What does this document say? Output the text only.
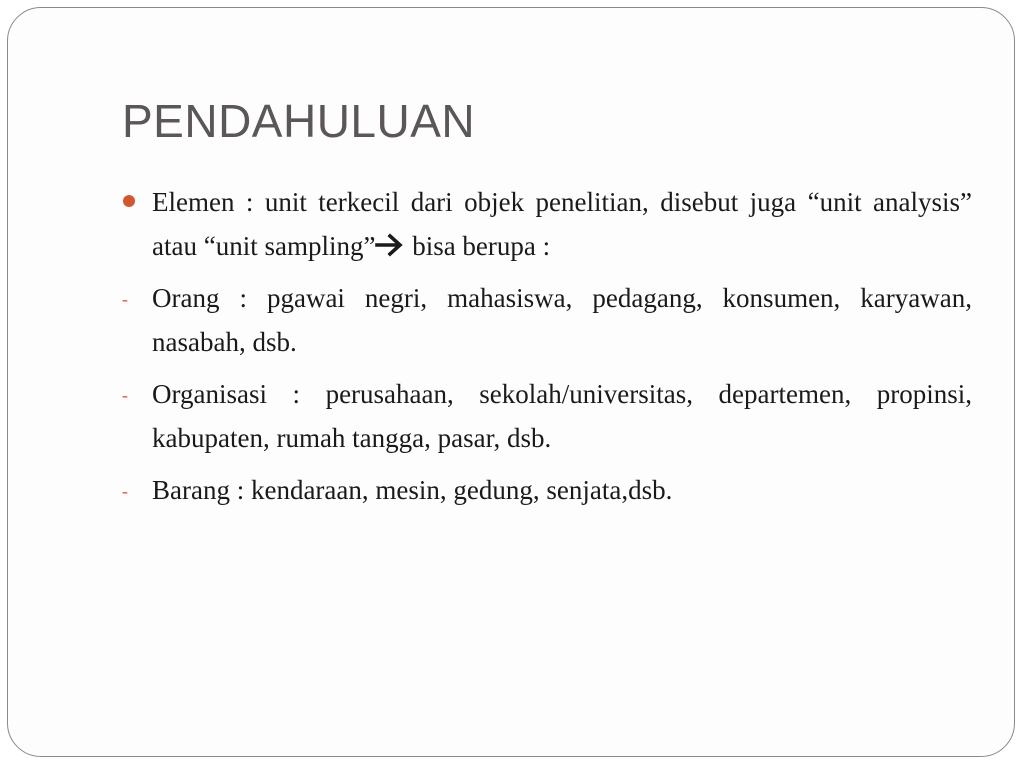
PENDAHULUAN
Elemen : unit terkecil dari objek penelitian, disebut juga “unit analysis” atau “unit sampling” bisa berupa :
- Orang : pgawai negri, mahasiswa, pedagang, konsumen, karyawan, nasabah, dsb.
- Organisasi : perusahaan, sekolah/universitas, departemen, propinsi, kabupaten, rumah tangga, pasar, dsb.
- Barang : kendaraan, mesin, gedung, senjata,dsb.
